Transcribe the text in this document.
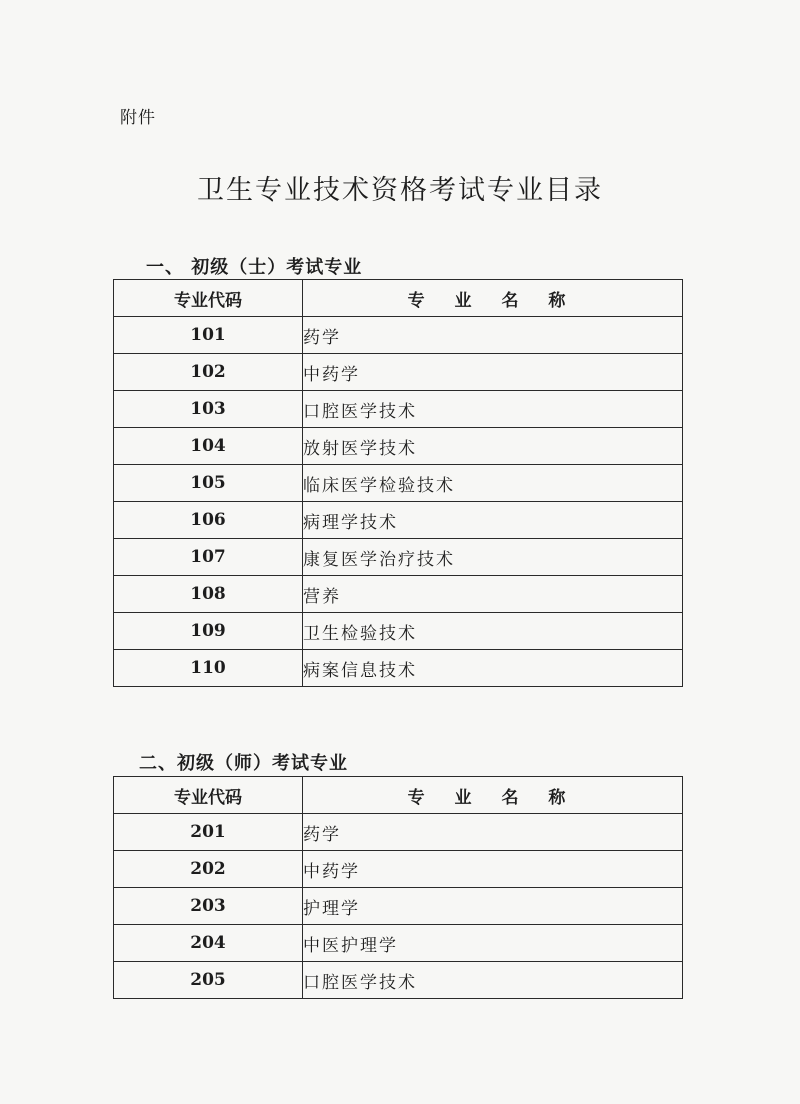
附件
卫生专业技术资格考试专业目录
一、 初级（士）考试专业
专业代码	专 业 名 称
101	药学
102	中药学
103	口腔医学技术
104	放射医学技术
105	临床医学检验技术
106	病理学技术
107	康复医学治疗技术
108	营养
109	卫生检验技术
110	病案信息技术
二、初级（师）考试专业
专业代码	专 业 名 称
201	药学
202	中药学
203	护理学
204	中医护理学
205	口腔医学技术
